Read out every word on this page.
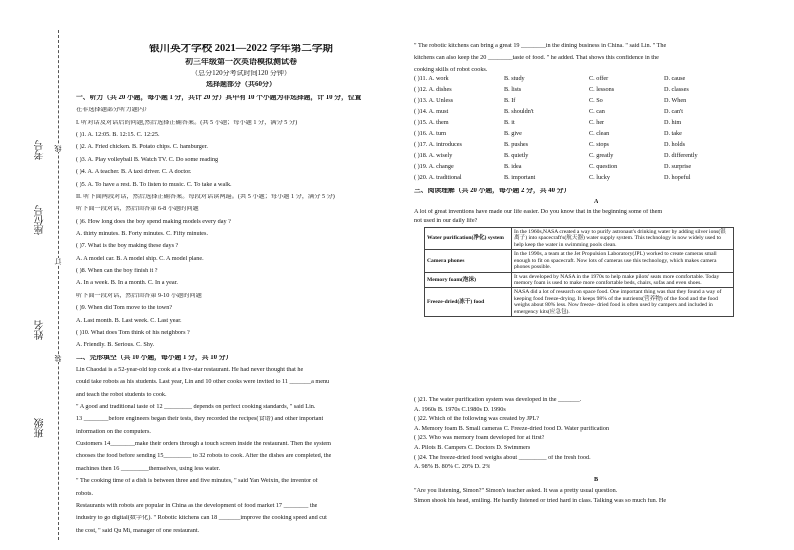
考号
座位号
姓名
班级
线
订
装
银川英才学校 2021—2022 学年第二学期
初三年级第一次英语模拟测试卷
（总分120分考试时间120 分钟）
选择题部分（共60分）
一、听力（共 20 小题，每小题 1 分，共计 20 分）其中有 10 个小题为非选择题，计 10 分，位置
在非选择题部分听力题内）
I. 听对话及对话后的问题,然后选择正确答案。(共 5 小题；每小题 1 分，满分 5 分)
( )1. A. 12:05. B. 12:15. C. 12:25.
( )2. A. Fried chicken. B. Potato chips. C. hamburger.
( )3. A. Play volleyball B. Watch TV. C. Do some reading
( )4. A. A teacher. B. A taxi driver. C. A doctor.
( )5. A. To have a rest. B. To listen to music. C. To take a walk.
II. 听下面两段对话，然后选择正确答案。每段对话读两遍。(共 5 小题；每小题 1 分，满分 5 分)
听下面一段对话，然后回答第 6-8 小题的问题
( )6. How long does the boy spend making models every day ?
A. thirty minutes. B. Forty minutes. C. Fifty minutes.
( )7. What is the boy making these days ?
A. A model car. B. A model ship. C. A model plane.
( )8. When can the boy finish it ?
A. In a week. B. In a month. C. In a year.
听下面一段对话，然后回答第 9-10 小题的问题
( )9. When did Tom move to the town?
A. Last month. B. Last week. C. Last year.
( )10. What does Tom think of his neighbors ?
A. Friendly. B. Serious. C. Shy.
二、完形填空（共 10 小题，每小题 1 分，共 10 分）
Lin Chaodai is a 52-year-old top cook at a five-star restaurant. He had never thought that he
could take robots as his students. Last year, Lin and 10 other cooks were invited to 11 _______a menu
and teach the robot students to cook.
" A good and traditional taste of 12 _________ depends on perfect cooking standards, " said Lin.
13 ________before engineers began their tests, they recorded the recipes(食谱) and other important
information on the computers.
Customers 14________make their orders through a touch screen inside the restaurant. Then the system
chooses the food before sending 15_________ to 32 robots to cook. After the dishes are completed, the
machines then 16 _________themselves, using less water.
" The cooking time of a dish is between three and five minutes, " said Yan Weixin, the inventor of
robots.
Restaurants with robots are popular in China as the development of food market 17 ________ the
industry to go digital(数字化). " Robotic kitchens can 18 _______improve the cooking speed and cut
the cost, " said Qu Mi, manager of one restaurant.
" The robotic kitchens can bring a great 19 ________in the dining business in China. " said Lin. " The
kitchens can also keep the 20 ________taste of food. " he added. That shows this confidence in the
cooking skills of robot cooks.
( )11. A. work	B. study	C. offer	D. cause
( )12. A. dishes	B. lists	C. lessons	D. classes
( )13. A. Unless	B. If	C. So	D. When
( )14. A. must	B. shouldn't	C. can	D. can't
( )15. A. them	B. it	C. her	D. him
( )16. A. turn	B. give	C. clean	D. take
( )17. A. introduces	B. pushes	C. stops	D. holds
( )18. A. wisely	B. quietly	C. greatly	D. differently
( )19. A. change	B. idea	C. question	D. surprise
( )20. A. traditional	B. important	C. lucky	D. hopeful
三、阅读理解（共 20 小题，每小题 2 分，共 40 分）
A
A lot of great inventions have made our life easier. Do you know that in the beginning some of them
not used in our daily life?
Water purification(净化) system	In the 1960s,NASA created a way to purify astronaut's drinking water by adding silver ions(银离子) into spacecraft's(航天器) water supply system. This technology is now widely used to help keep the water in swimming pools clean.
Camera phones	In the 1990s, a team at the Jet Propulsion Laboratory(JPL) worked to create cameras small enough to fit on spacecraft. Now lots of cameras use this technology, which makes camera phones possible.
Memory foam(泡沫)	It was developed by NASA in the 1970s to help make pilots' seats more comfortable. Today memory foam is used to make more comfortable beds, chairs, sofas and even shoes.
Freeze-dried(冻干) food	NASA did a lot of research on space food. One important thing was that they found a way of keeping food freeze-drying. It keeps 98% of the nutrients(营养物) of the food and the food weighs about 80% less. Now freeze- dried food is often used by campers and included in emergency kits(应急包).
( )21. The water purification system was developed in the _______.
A. 1960s B. 1970s C.1980s D. 1990s
( )22. Which of the following was created by JPL?
A. Memory foam B. Small cameras C. Freeze-dried food D. Water purification
( )23. Who was memory foam developed for at first?
A. Pilots B. Campers C. Doctors D. Swimmers
( )24. The freeze-dried food weighs about _________ of the fresh food.
A. 98% B. 80% C. 20% D. 2%
B
"Are you listening, Simon?" Simon's teacher asked. It was a pretty usual question.
Simon shook his head, smiling. He hardly listened or tried hard in class. Talking was so much fun. He
